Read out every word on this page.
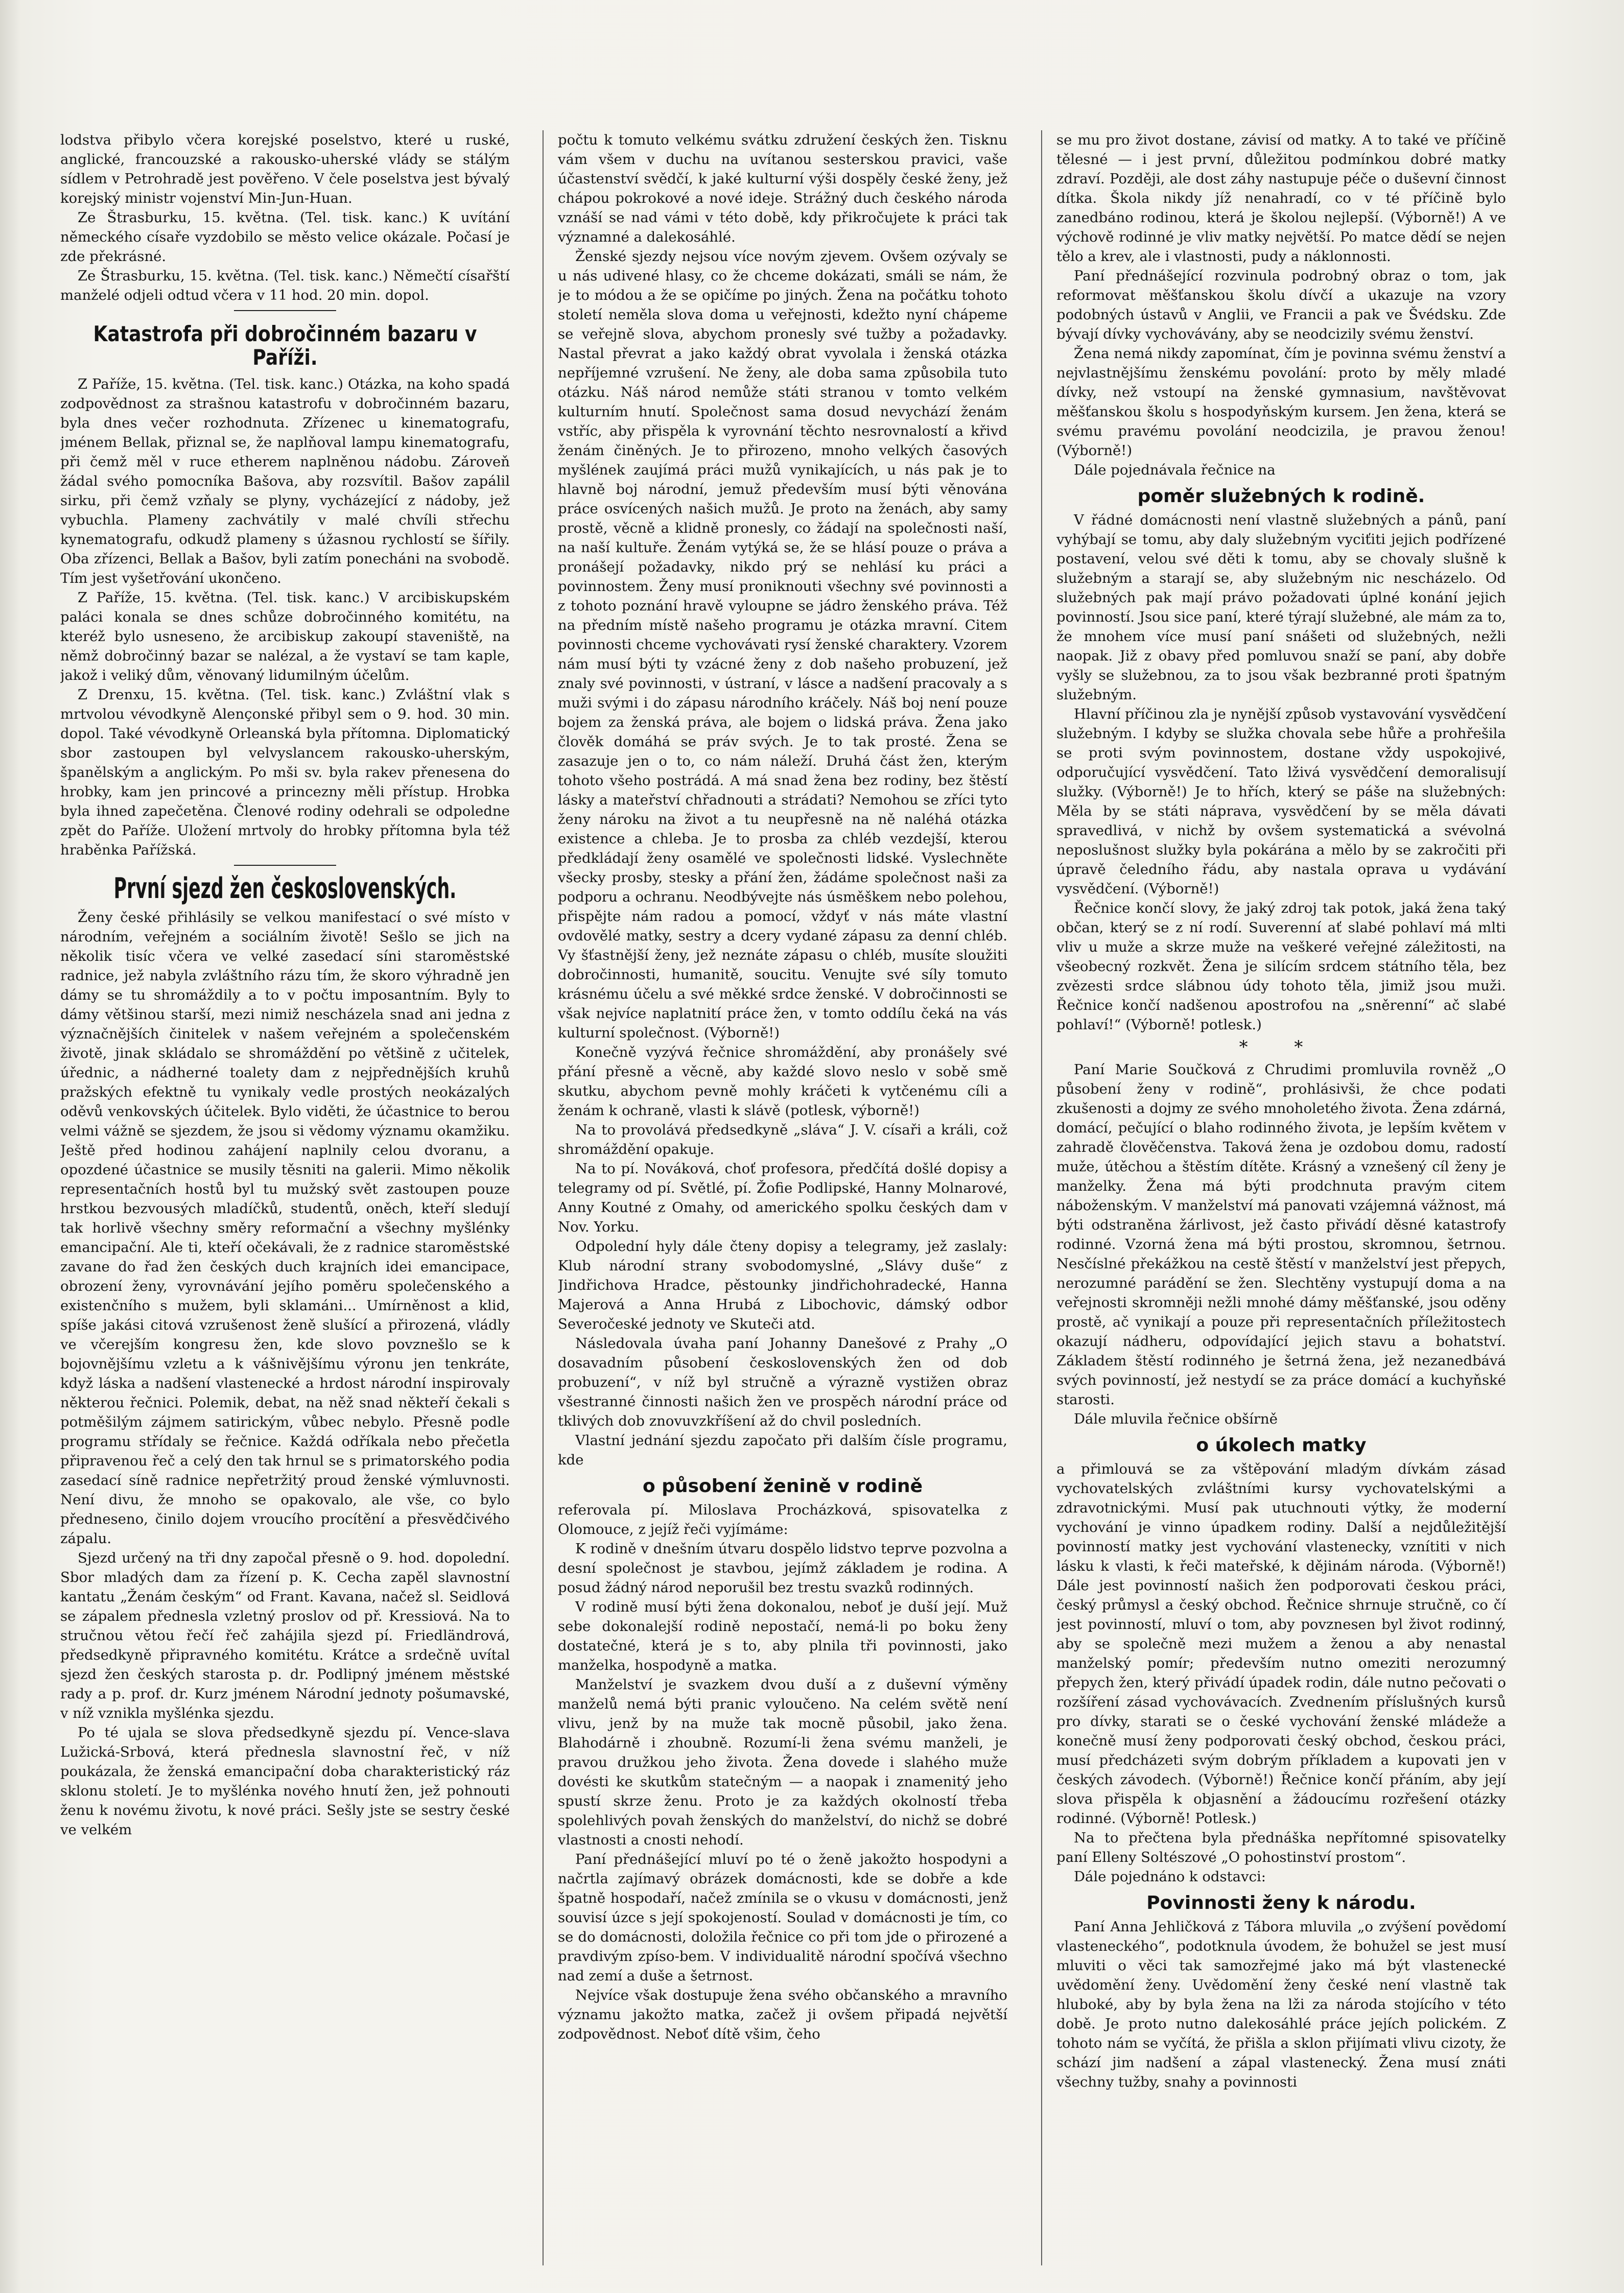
lodstva přibylo včera korejské poselstvo, které u ruské, anglické, francouzské a rakousko-uherské vlády se stálým sídlem v Petrohradě jest pověřeno. V čele poselstva jest bývalý korejský ministr vojenství Min-Jun-Huan.

Ze Štrasburku, 15. května. (Tel. tisk. kanc.) K uvítání německého císaře vyzdobilo se město velice okázale. Počasí je zde překrásné.

Ze Štrasburku, 15. května. (Tel. tisk. kanc.) Němečtí císařští manželé odjeli odtud včera v 11 hod. 20 min. dopol.

Katastrofa při dobročinném bazaru v Paříži.

Z Paříže, 15. května. (Tel. tisk. kanc.) Otázka, na koho spadá zodpovědnost za strašnou katastrofu v dobročinném bazaru, byla dnes večer rozhodnuta. Zřízenec u kinematografu, jménem Bellak, přiznal se, že naplňoval lampu kinematografu, při čemž měl v ruce etherem naplněnou nádobu. Zároveň žádal svého pomocníka Bašova, aby rozsvítil. Bašov zapálil sirku, při čemž vzňaly se plyny, vycházející z nádoby, jež vybuchla. Plameny zachvátily v malé chvíli střechu kynematografu, odkudž plameny s úžasnou rychlostí se šířily. Oba zřízenci, Bellak a Bašov, byli zatím ponecháni na svobodě. Tím jest vyšetřování ukončeno.

Z Paříže, 15. května. (Tel. tisk. kanc.) V arcibiskupském paláci konala se dnes schůze dobročinného komitétu, na kteréž bylo usneseno, že arcibiskup zakoupí staveniště, na němž dobročinný bazar se nalézal, a že vystaví se tam kaple, jakož i veliký dům, věnovaný lidumilným účelům.

Z Drenxu, 15. května. (Tel. tisk. kanc.) Zvláštní vlak s mrtvolou vévodkyně Alençonské přibyl sem o 9. hod. 30 min. dopol. Také vévodkyně Orleanská byla přítomna. Diplomatický sbor zastoupen byl velvyslancem rakousko-uherským, španělským a anglickým. Po mši sv. byla rakev přenesena do hrobky, kam jen princové a princezny měli přístup. Hrobka byla ihned zapečetěna. Členové rodiny odehrali se odpoledne zpět do Paříže. Uložení mrtvoly do hrobky přítomna byla též hraběnka Pařížská.

První sjezd žen československých.

Ženy české přihlásily se velkou manifestací o své místo v národním, veřejném a sociálním životě! Sešlo se jich na několik tisíc včera ve velké zasedací síni staroměstské radnice, jež nabyla zvláštního rázu tím, že skoro výhradně jen dámy se tu shromáždily a to v počtu imposantním. Byly to dámy většinou starší, mezi nimiž nescházela snad ani jedna z význačnějších činitelek v našem veřejném a společenském životě, jinak skládalo se shromáždění po většině z učitelek, úřednic, a nádherné toalety dam z nejpřednějších kruhů pražských efektně tu vynikaly vedle prostých neokázalých oděvů venkovských účitelek. Bylo viděti, že účastnice to berou velmi vážně se sjezdem, že jsou si vědomy významu okamžiku. Ještě před hodinou zahájení naplnily celou dvoranu, a opozdené účastnice se musily těsniti na galerii. Mimo několik representačních hostů byl tu mužský svět zastoupen pouze hrstkou bezvousých mladíčků, studentů, oněch, kteří sledují tak horlivě všechny směry reformační a všechny myšlénky emancipační. Ale ti, kteří očekávali, že z radnice staroměstské zavane do řad žen českých duch krajních idei emancipace, obrození ženy, vyrovnávání jejího poměru společenského a existenčního s mužem, byli sklamáni... Umírněnost a klid, spíše jakási citová vzrušenost ženě slušící a přirozená, vládly ve včerejším kongresu žen, kde slovo povznešlo se k bojovnějšímu vzletu a k vášnivějšímu výronu jen tenkráte, když láska a nadšení vlastenecké a hrdost národní inspirovaly některou řečnici. Polemik, debat, na něž snad někteří čekali s potměšilým zájmem satirickým, vůbec nebylo. Přesně podle programu střídaly se řečnice. Každá odříkala nebo přečetla připravenou řeč a celý den tak hrnul se s primatorského podia zasedací síně radnice nepřetržitý proud ženské výmluvnosti. Není divu, že mnoho se opakovalo, ale vše, co bylo předneseno, činilo dojem vroucího procítění a přesvědčivého zápalu.

Sjezd určený na tři dny započal přesně o 9. hod. dopolední. Sbor mladých dam za řízení p. K. Cecha zapěl slavnostní kantatu „Ženám českým“ od Frant. Kavana, načež sl. Seidlová se zápalem přednesla vzletný proslov od př. Kressiová. Na to stručnou větou řečí řeč zahájila sjezd pí. Friedländrová, předsedkyně připravného komitétu. Krátce a srdečně uvítal sjezd žen českých starosta p. dr. Podlipný jménem městské rady a p. prof. dr. Kurz jménem Národní jednoty pošumavské, v níž vznikla myšlénka sjezdu.

Po té ujala se slova předsedkyně sjezdu pí. Vence-slava Lužická-Srbová, která přednesla slavnostní řeč, v níž poukázala, že ženská emancipační doba charakteristický ráz sklonu století. Je to myšlénka nového hnutí žen, jež pohnouti ženu k novému životu, k nové práci. Sešly jste se sestry české ve velkém

počtu k tomuto velkému svátku združení českých žen. Tisknu vám všem v duchu na uvítanou sesterskou pravici, vaše účastenství svědčí, k jaké kulturní výši dospěly české ženy, jež chápou pokrokové a nové ideje. Strážný duch českého národa vznáší se nad vámi v této době, kdy přikročujete k práci tak významné a dalekosáhlé.

Ženské sjezdy nejsou více novým zjevem. Ovšem ozývaly se u nás udivené hlasy, co že chceme dokázati, smáli se nám, že je to módou a že se opičíme po jiných. Žena na počátku tohoto století neměla slova doma u veřejnosti, kdežto nyní chápeme se veřejně slova, abychom pronesly své tužby a požadavky. Nastal převrat a jako každý obrat vyvolala i ženská otázka nepříjemné vzrušení. Ne ženy, ale doba sama způsobila tuto otázku. Náš národ nemůže státi stranou v tomto velkém kulturním hnutí. Společnost sama dosud nevychází ženám vstříc, aby přispěla k vyrovnání těchto nesrovnalostí a křivd ženám činěných. Je to přirozeno, mnoho velkých časových myšlének zaujímá práci mužů vynikajících, u nás pak je to hlavně boj národní, jemuž především musí býti věnována práce osvícených našich mužů. Je proto na ženách, aby samy prostě, věcně a klidně pronesly, co žádají na společnosti naší, na naší kultuře. Ženám vytýká se, že se hlásí pouze o práva a pronášejí požadavky, nikdo prý se nehlásí ku práci a povinnostem. Ženy musí proniknouti všechny své povinnosti a z tohoto poznání hravě vyloupne se jádro ženského práva. Též na předním místě našeho programu je otázka mravní. Citem povinnosti chceme vychovávati rysí ženské charaktery. Vzorem nám musí býti ty vzácné ženy z dob našeho probuzení, jež znaly své povinnosti, v ústraní, v lásce a nadšení pracovaly a s muži svými i do zápasu národního kráčely. Náš boj není pouze bojem za ženská práva, ale bojem o lidská práva. Žena jako člověk domáhá se práv svých. Je to tak prosté. Žena se zasazuje jen o to, co nám náleží. Druhá část žen, kterým tohoto všeho postrádá. A má snad žena bez rodiny, bez štěstí lásky a mateřství chřadnouti a strádati? Nemohou se zříci tyto ženy nároku na život a tu neupřesně na ně naléhá otázka existence a chleba. Je to prosba za chléb vezdejší, kterou předkládají ženy osamělé ve společnosti lidské. Vyslechněte všecky prosby, stesky a přání žen, žádáme společnost naši za podporu a ochranu. Neodbývejte nás úsměškem nebo polehou, přispějte nám radou a pomocí, vždyť v nás máte vlastní ovdovělé matky, sestry a dcery vydané zápasu za denní chléb. Vy šťastnější ženy, jež neznáte zápasu o chléb, musíte sloužiti dobročinnosti, humanitě, soucitu. Venujte své síly tomuto krásnému účelu a své měkké srdce ženské. V dobročinnosti se však nejvíce naplatnití práce žen, v tomto oddílu čeká na vás kulturní společnost. (Výborně!)

Konečně vyzývá řečnice shromáždění, aby pronášely své přání přesně a věcně, aby každé slovo neslo v sobě smě skutku, abychom pevně mohly kráčeti k vytčenému cíli a ženám k ochraně, vlasti k slávě (potlesk, výborně!)

Na to provolává předsedkyně „sláva“ J. V. císaři a králi, což shromáždění opakuje.

Na to pí. Nováková, choť profesora, předčítá došlé dopisy a telegramy od pí. Světlé, pí. Žofie Podlipské, Hanny Molnarové, Anny Koutné z Omahy, od amerického spolku českých dam v Nov. Yorku.

Odpolední hyly dále čteny dopisy a telegramy, jež zaslaly: Klub národní strany svobodomyslné, „Slávy duše“ z Jindřichova Hradce, pěstounky jindřichohradecké, Hanna Majerová a Anna Hrubá z Libochovic, dámský odbor Severočeské jednoty ve Skuteči atd.

Následovala úvaha paní Johanny Danešové z Prahy „O dosavadním působení československých žen od dob probuzení“, v níž byl stručně a výrazně vystižen obraz všestranné činnosti našich žen ve prospěch národní práce od tklivých dob znovuvzkříšení až do chvil posledních.

Vlastní jednání sjezdu započato při dalším čísle programu, kde

o působení ženině v rodině

referovala pí. Miloslava Procházková, spisovatelka z Olomouce, z jejíž řeči vyjímáme:

K rodině v dnešním útvaru dospělo lidstvo teprve pozvolna a desní společnost je stavbou, jejímž základem je rodina. A posud žádný národ neporušil bez trestu svazků rodinných.

V rodině musí býti žena dokonalou, neboť je duší její. Muž sebe dokonalejší rodině nepostačí, nemá-li po boku ženy dostatečné, která je s to, aby plnila tři povinnosti, jako manželka, hospodyně a matka.

Manželství je svazkem dvou duší a z duševní výměny manželů nemá býti pranic vyloučeno. Na celém světě není vlivu, jenž by na muže tak mocně působil, jako žena. Blahodárně i zhoubně. Rozumí-li žena svému manželi, je pravou družkou jeho života. Žena dovede i slahého muže dovésti ke skutkům statečným — a naopak i znamenitý jeho spustí skrze ženu. Proto je za každých okolností třeba spolehlivých povah ženských do manželství, do nichž se dobré vlastnosti a cnosti nehodí.

Paní přednášející mluví po té o ženě jakožto hospodyni a načrtla zajímavý obrázek domácnosti, kde se dobře a kde špatně hospodaří, načež zmínila se o vkusu v domácnosti, jenž souvisí úzce s její spokojeností. Soulad v domácnosti je tím, co se do domácnosti, doložila řečnice co při tom jde o přirozené a pravdivým zpíso-bem. V individualitě národní spočívá všechno nad zemí a duše a šetrnost.

Nejvíce však dostupuje žena svého občanského a mravního významu jakožto matka, začež ji ovšem připadá největší zodpovědnost. Neboť dítě všim, čeho

se mu pro život dostane, závisí od matky. A to také ve příčině tělesné — i jest první, důležitou podmínkou dobré matky zdraví. Později, ale dost záhy nastupuje péče o duševní činnost dítka. Škola nikdy jíž nenahradí, co v té příčině bylo zanedbáno rodinou, která je školou nejlepší. (Výborně!) A ve výchově rodinné je vliv matky největší. Po matce dědí se nejen tělo a krev, ale i vlastnosti, pudy a náklonnosti.

Paní přednášející rozvinula podrobný obraz o tom, jak reformovat měšťanskou školu dívčí a ukazuje na vzory podobných ústavů v Anglii, ve Francii a pak ve Švédsku. Zde bývají dívky vychovávány, aby se neodcizily svému ženství.

Žena nemá nikdy zapomínat, čím je povinna svému ženství a nejvlastnějšímu ženskému povolání: proto by měly mladé dívky, než vstoupí na ženské gymnasium, navštěvovat měšťanskou školu s hospodyňským kursem. Jen žena, která se svému pravému povolání neodcizila, je pravou ženou! (Výborně!)

Dále pojednávala řečnice na

poměr služebných k rodině.

V řádné domácnosti není vlastně služebných a pánů, paní vyhýbají se tomu, aby daly služebným vyciťiti jejich podřízené postavení, velou své děti k tomu, aby se chovaly slušně k služebným a starají se, aby služebným nic nescházelo. Od služebných pak mají právo požadovati úplné konání jejich povinností. Jsou sice paní, které týrají služebné, ale mám za to, že mnohem více musí paní snášeti od služebných, nežli naopak. Již z obavy před pomluvou snaží se paní, aby dobře vyšly se služebnou, za to jsou však bezbranné proti špatným služebným.

Hlavní příčinou zla je nynější způsob vystavování vysvědčení služebným. I kdyby se služka chovala sebe hůře a prohřešila se proti svým povinnostem, dostane vždy uspokojivé, odporučující vysvědčení. Tato lživá vysvědčení demoralisují služky. (Výborně!) Je to hřích, který se páše na služebných: Měla by se státi náprava, vysvědčení by se měla dávati spravedlivá, v nichž by ovšem systematická a svévolná neposlušnost služky byla pokárána a mělo by se zakročiti při úpravě čeledního řádu, aby nastala oprava u vydávání vysvědčení. (Výborně!)

Řečnice končí slovy, že jaký zdroj tak potok, jaká žena taký občan, který se z ní rodí. Suverenní ať slabé pohlaví má mlti vliv u muže a skrze muže na veškeré veřejné záležitosti, na všeobecný rozkvět. Žena je silícím srdcem státního těla, bez zvězesti srdce slábnou údy tohoto těla, jimiž jsou muži. Řečnice končí nadšenou apostrofou na „sněrenní“ ač slabé pohlaví!“ (Výborně! potlesk.)

* *

Paní Marie Součková z Chrudimi promluvila rovněž „O působení ženy v rodině“, prohlásivši, že chce podati zkušenosti a dojmy ze svého mnoholetého života. Žena zdárná, domácí, pečující o blaho rodinného života, je lepším květem v zahradě člověčenstva. Taková žena je ozdobou domu, radostí muže, útěchou a štěstím dítěte. Krásný a vznešený cíl ženy je manželky. Žena má býti prodchnuta pravým citem náboženským. V manželství má panovati vzájemná vážnost, má býti odstraněna žárlivost, jež často přivádí děsné katastrofy rodinné. Vzorná žena má býti prostou, skromnou, šetrnou. Nesčíslné překážkou na cestě štěstí v manželství jest přepych, nerozumné parádění se žen. Slechtěny vystupují doma a na veřejnosti skromněji nežli mnohé dámy měšťanské, jsou oděny prostě, ač vynikají a pouze při representačních příležitostech okazují nádheru, odpovídající jejich stavu a bohatství. Základem štěstí rodinného je šetrná žena, jež nezanedbává svých povinností, jež nestydí se za práce domácí a kuchyňské starosti.

Dále mluvila řečnice obšírně

o úkolech matky

a přimlouvá se za vštěpování mladým dívkám zásad vychovatelských zvláštními kursy vychovatelskými a zdravotnickými. Musí pak utuchnouti výtky, že moderní vychování je vinno úpadkem rodiny. Další a nejdůležitější povinností matky jest vychování vlastenecky, vznítiti v nich lásku k vlasti, k řeči mateřské, k dějinám národa. (Výborně!) Dále jest povinností našich žen podporovati českou práci, český průmysl a český obchod. Řečnice shrnuje stručně, co čí jest povinností, mluví o tom, aby povznesen byl život rodinný, aby se společně mezi mužem a ženou a aby nenastal manželský pomír; především nutno omeziti nerozumný přepych žen, který přivádí úpadek rodin, dále nutno pečovati o rozšíření zásad vychovávacích. Zvednením příslušných kursů pro dívky, starati se o české vychování ženské mládeže a konečně musí ženy podporovati český obchod, českou práci, musí předcházeti svým dobrým příkladem a kupovati jen v českých závodech. (Výborně!) Řečnice končí přáním, aby její slova přispěla k objasnění a žádoucímu rozřešení otázky rodinné. (Výborně! Potlesk.)

Na to přečtena byla přednáška nepřítomné spisovatelky paní Elleny Soltészové „O pohostinství prostom“.

Dále pojednáno k odstavci:

Povinnosti ženy k národu.

Paní Anna Jehličková z Tábora mluvila „o zvýšení povědomí vlasteneckého“, podotknula úvodem, že bohužel se jest musí mluviti o věci tak samozřejmé jako má být vlastenecké uvědomění ženy. Uvědomění ženy české není vlastně tak hluboké, aby by byla žena na lži za národa stojícího v této době. Je proto nutno dalekosáhlé práce jejích polickém. Z tohoto nám se vyčítá, že přišla a sklon přijímati vlivu cizoty, že schází jim nadšení a zápal vlastenecký. Žena musí znáti všechny tužby, snahy a povinnosti
